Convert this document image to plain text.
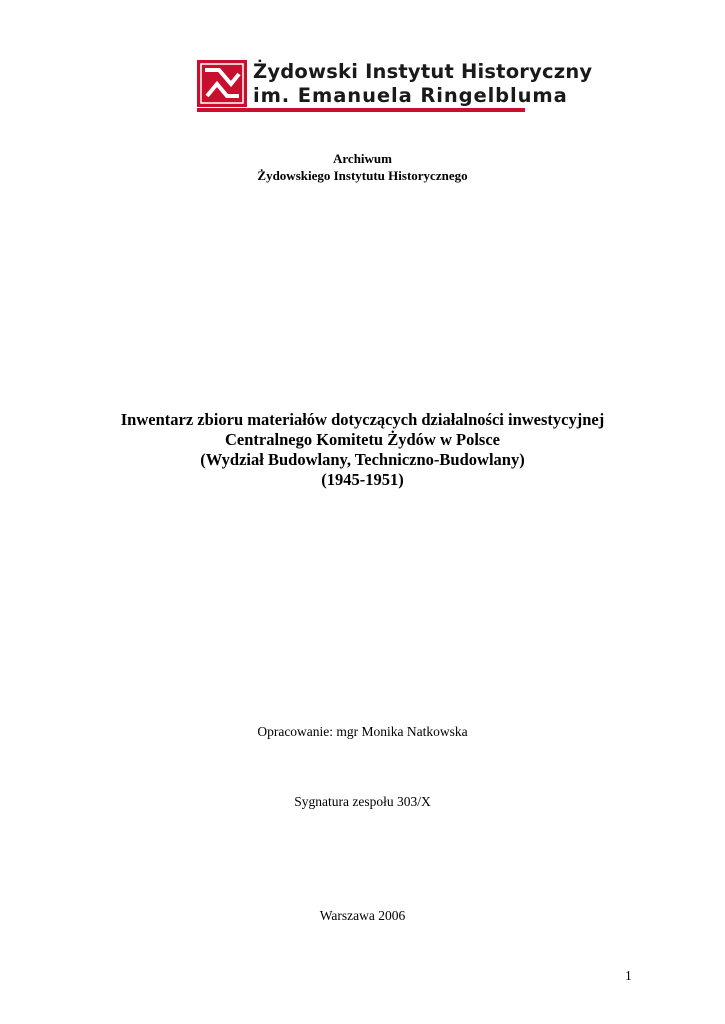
Żydowski Instytut Historyczny
im. Emanuela Ringelbluma
Archiwum
Żydowskiego Instytutu Historycznego
Inwentarz zbioru materiałów dotyczących działalności inwestycyjnej
Centralnego Komitetu Żydów w Polsce
(Wydział Budowlany, Techniczno-Budowlany)
(1945-1951)
Opracowanie: mgr Monika Natkowska
Sygnatura zespołu 303/X
Warszawa 2006
1
